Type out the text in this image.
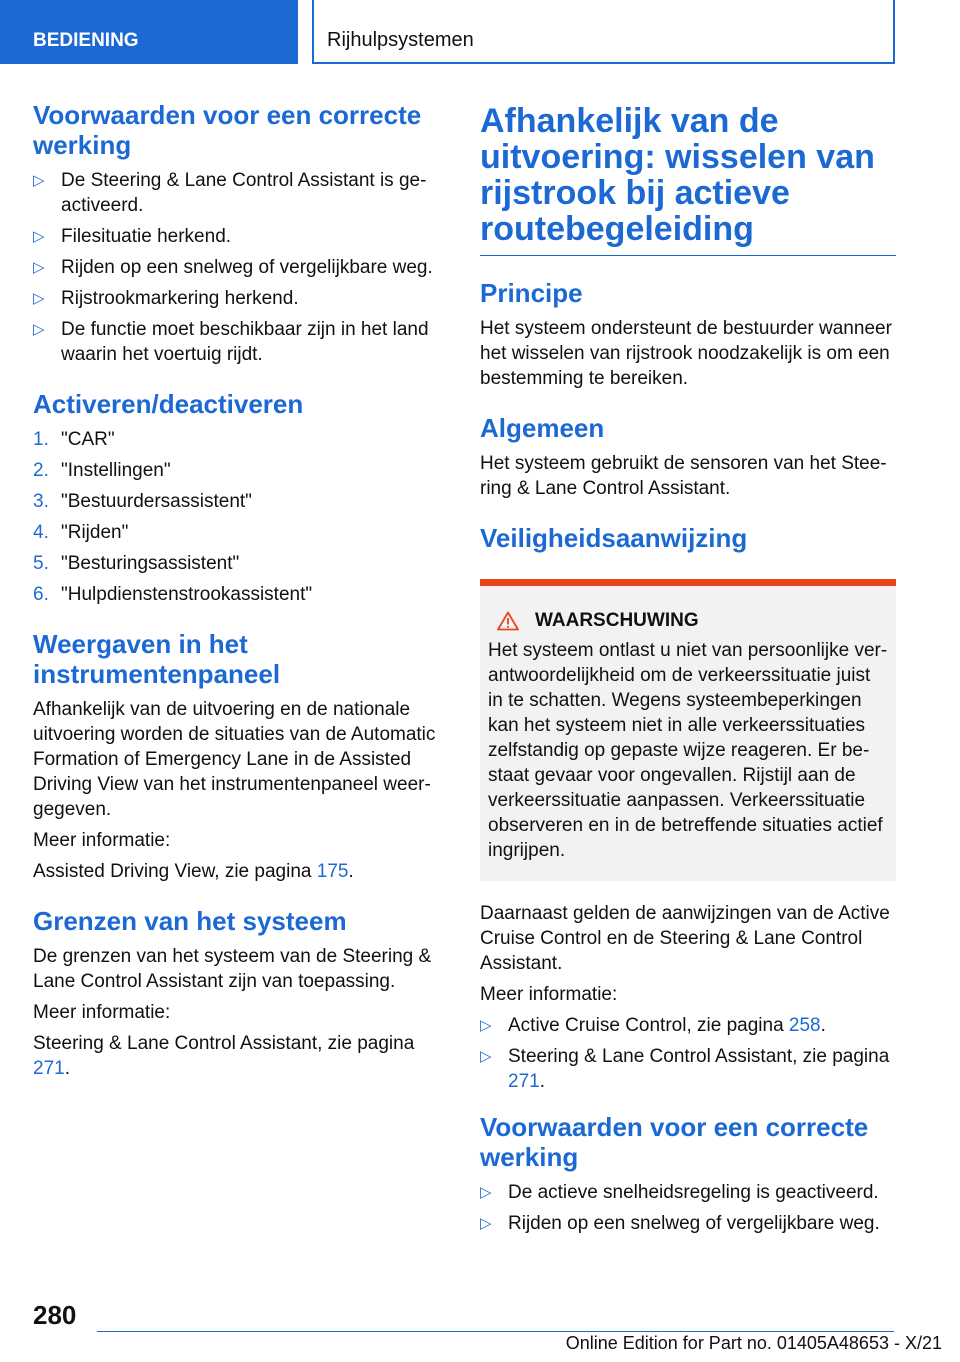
BEDIENING	Rijhulpsystemen
Voorwaarden voor een correcte werking
▷ De Steering & Lane Control Assistant is geactiveerd.
▷ Filesituatie herkend.
▷ Rijden op een snelweg of vergelijkbare weg.
▷ Rijstrookmarkering herkend.
▷ De functie moet beschikbaar zijn in het land waarin het voertuig rijdt.
Activeren/deactiveren
1. "CAR"
2. "Instellingen"
3. "Bestuurdersassistent"
4. "Rijden"
5. "Besturingsassistent"
6. "Hulpdienstenstrookassistent"
Weergaven in het instrumentenpaneel

Afhankelijk van de uitvoering en de nationale uitvoering worden de situaties van de Automatic Formation of Emergency Lane in de Assisted Driving View van het instrumentenpaneel weergegeven.

Meer informatie:

Assisted Driving View, zie pagina 175.

Grenzen van het systeem

De grenzen van het systeem van de Steering & Lane Control Assistant zijn van toepassing.

Meer informatie:

Steering & Lane Control Assistant, zie pagina 271.

Afhankelijk van de uitvoering: wisselen van rijstrook bij actieve routebegeleiding
Principe

Het systeem ondersteunt de bestuurder wanneer het wisselen van rijstrook noodzakelijk is om een bestemming te bereiken.

Algemeen

Het systeem gebruikt de sensoren van het Steering & Lane Control Assistant.

Veiligheidsaanwijzing
WAARSCHUWING

Het systeem ontlast u niet van persoonlijke verantwoordelijkheid om de verkeerssituatie juist in te schatten. Wegens systeembeperkingen kan het systeem niet in alle verkeerssituaties zelfstandig op gepaste wijze reageren. Er bestaat gevaar voor ongevallen. Rijstijl aan de verkeerssituatie aanpassen. Verkeerssituatie observeren en in de betreffende situaties actief ingrijpen.

Daarnaast gelden de aanwijzingen van de Active Cruise Control en de Steering & Lane Control Assistant.

Meer informatie:

▷ Active Cruise Control, zie pagina 258.
▷ Steering & Lane Control Assistant, zie pagina 271.
Voorwaarden voor een correcte werking
▷ De actieve snelheidsregeling is geactiveerd.
▷ Rijden op een snelweg of vergelijkbare weg.
280
Online Edition for Part no. 01405A48653 - X/21
